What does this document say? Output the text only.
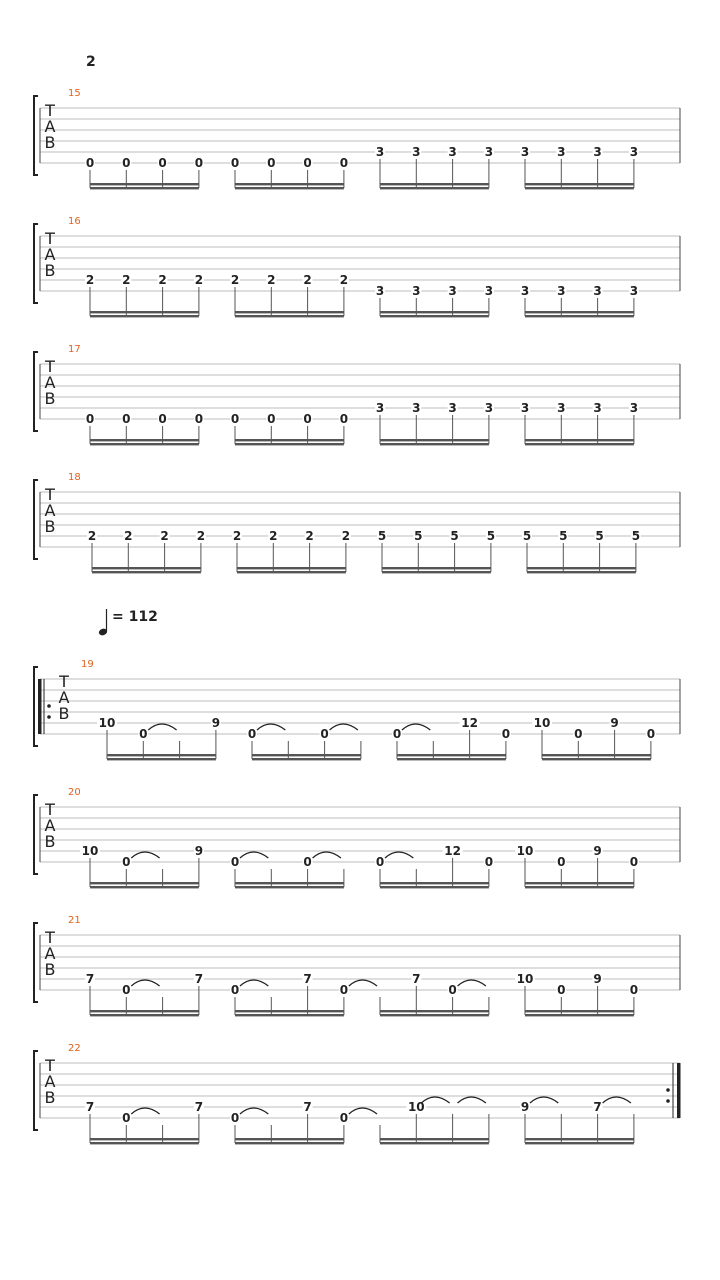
2
15
T
A
B
0 0 0 0 0 0 0 0
3 3 3 3 3 3 3 3
16
T
A
B	2 2 2 2 2 2 2 2
3 3 3 3 3 3 3 3
17
T
A
B
0 0 0 0 0 0 0 0
3 3 3 3 3 3 3 3
18
T
A
B	2 2 2 2 2 2 2 2 5 5 5 5 5 5 5 5
= 112
19
T
A
B 10
0
9
0	0	0
12
0
10
0
9
0
20
T
A
B 10
0
9
0	0	0
12
0
10
0
9
0
21
T
A
B	7
0
7
0
7
0
7
0
10
0
9
0
22
T
A
B	7
0
7
0
7
0
10	9	7
